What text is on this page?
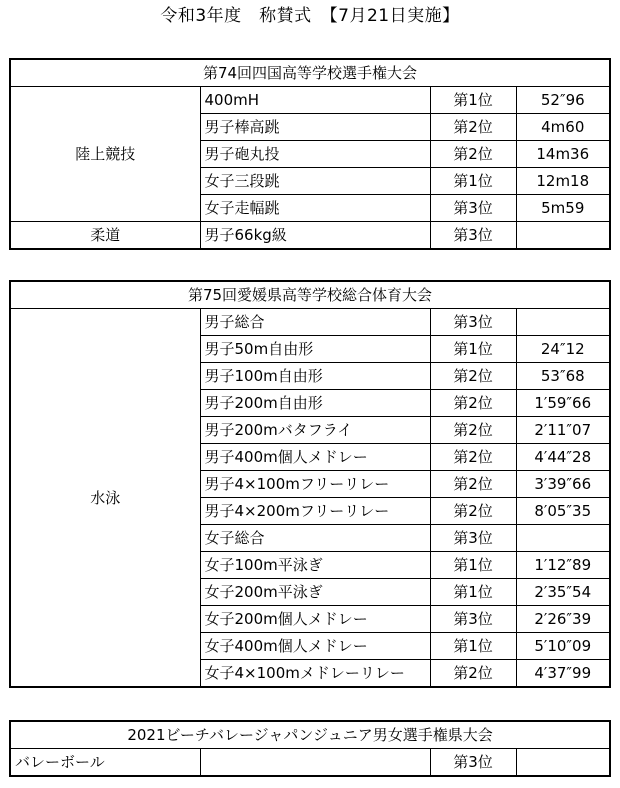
令和3年度　称賛式　【7月21日実施】
第74回四国高等学校選手権大会			
陸上競技	400mH	第1位	52″96
	男子棒高跳	第2位	4m60
	男子砲丸投	第2位	14m36
	女子三段跳	第1位	12m18
	女子走幅跳	第3位	5m59
柔道	男子66kg級	第3位	
第75回愛媛県高等学校総合体育大会			
水泳	男子総合	第3位	
	男子50m自由形	第1位	24″12
	男子100m自由形	第2位	53″68
	男子200m自由形	第2位	1′59″66
	男子200mバタフライ	第2位	2′11″07
	男子400m個人メドレー	第2位	4′44″28
	男子4×100mフリーリレー	第2位	3′39″66
	男子4×200mフリーリレー	第2位	8′05″35
	女子総合	第3位	
	女子100m平泳ぎ	第1位	1′12″89
	女子200m平泳ぎ	第1位	2′35″54
	女子200m個人メドレー	第3位	2′26″39
	女子400m個人メドレー	第1位	5′10″09
	女子4×100mメドレーリレー	第2位	4′37″99
2021ビーチバレージャパンジュニア男女選手権県大会
バレーボール		第3位	
